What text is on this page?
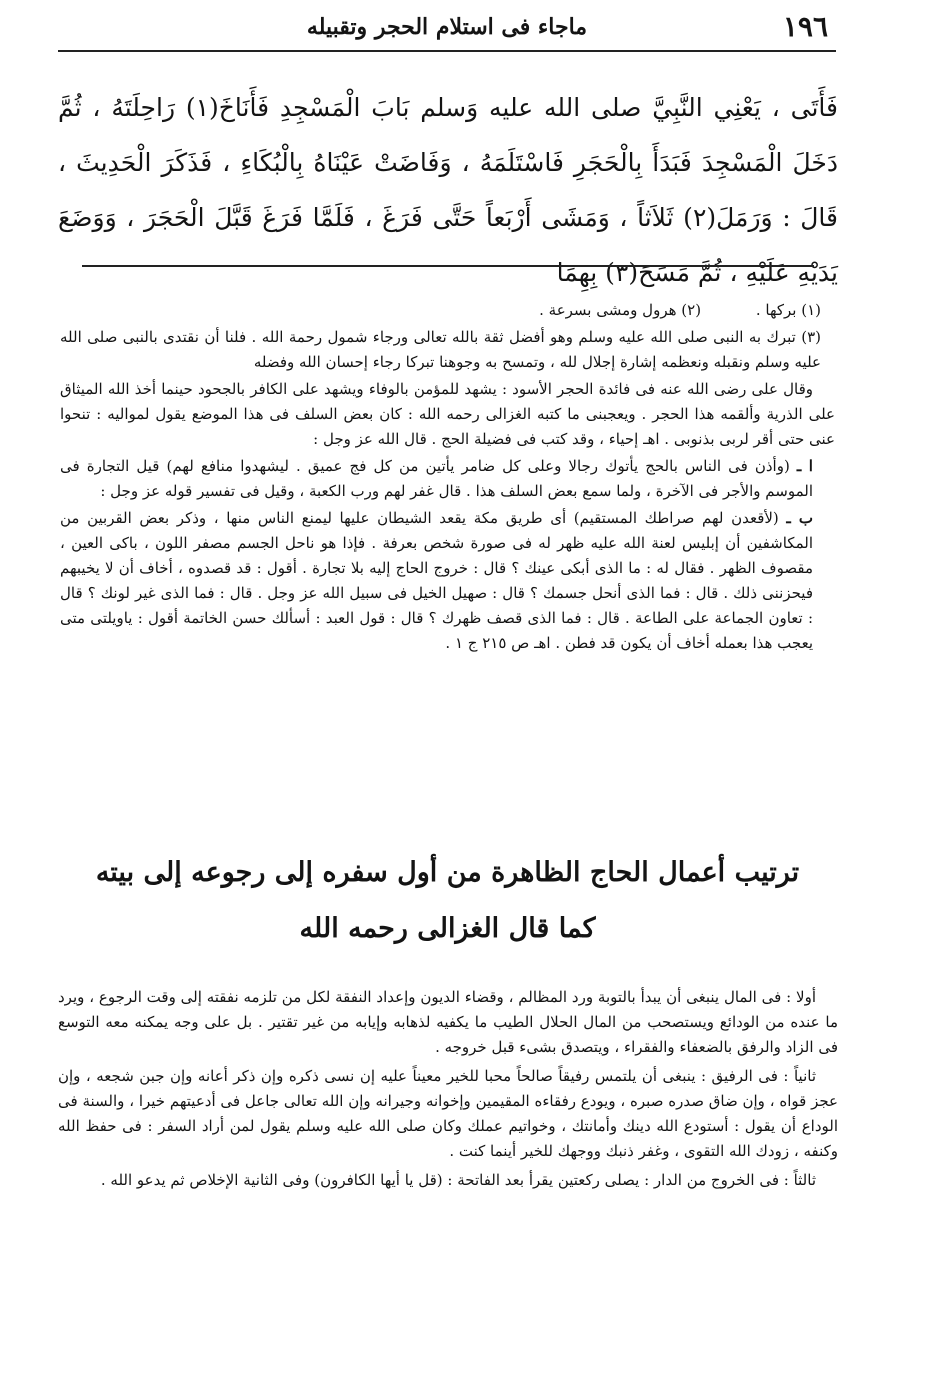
١٩٦
ماجاء فى استلام الحجر وتقبيله
فَأَتَى ، يَعْنِي النَّبِيَّ صلى الله عليه وَسلم بَابَ الْمَسْجِدِ فَأَنَاخَ(١) رَاحِلَتَهُ ، ثُمَّ دَخَلَ الْمَسْجِدَ فَبَدَأَ بِالْحَجَرِ فَاسْتَلَمَهُ ، وَفَاضَتْ عَيْنَاهُ بِالْبُكَاءِ ، فَذَكَرَ الْحَدِيثَ ، قَالَ : وَرَمَلَ(٢) ثَلاَثاً ، وَمَشَى أَرْبَعاً حَتَّى فَرَغَ ، فَلَمَّا فَرَغَ قَبَّلَ الْحَجَرَ ، وَوَضَعَ يَدَيْهِ عَلَيْهِ ، ثُمَّ مَسَحَ(٣) بِهِمَا

(١) بركها . (٢) هرول ومشى بسرعة .

(٣) تبرك به النبى صلى الله عليه وسلم وهو أفضل ثقة بالله تعالى ورجاء شمول رحمة الله . فلنا أن نقتدى بالنبى صلى الله عليه وسلم ونقبله ونعظمه إشارة إجلال لله ، وتمسح به وجوهنا تبركا رجاء إحسان الله وفضله

وقال على رضى الله عنه فى فائدة الحجر الأسود : يشهد للمؤمن بالوفاء ويشهد على الكافر بالجحود حينما أخذ الله الميثاق على الذرية وألقمه هذا الحجر . ويعجبنى ما كتبه الغزالى رحمه الله : كان بعض السلف فى هذا الموضع يقول لمواليه : تنحوا عنى حتى أقر لربى بذنوبى . اهـ إحياء ، وقد كتب فى فضيلة الحج . قال الله عز وجل :

ا ـ (وأذن فى الناس بالحج يأتوك رجالا وعلى كل ضامر يأتين من كل فج عميق . ليشهدوا منافع لهم) قيل التجارة فى الموسم والأجر فى الآخرة ، ولما سمع بعض السلف هذا . قال غفر لهم ورب الكعبة ، وقيل فى تفسير قوله عز وجل :

ب ـ (لأقعدن لهم صراطك المستقيم) أى طريق مكة يقعد الشيطان عليها ليمنع الناس منها ، وذكر بعض القربين من المكاشفين أن إبليس لعنة الله عليه ظهر له فى صورة شخص بعرفة . فإذا هو ناحل الجسم مصفر اللون ، باكى العين ، مقصوف الظهر . فقال له : ما الذى أبكى عينك ؟ قال : خروج الحاج إليه بلا تجارة . أقول : قد قصدوه ، أخاف أن لا يخيبهم فيحزننى ذلك . قال : فما الذى أنحل جسمك ؟ قال : صهيل الخيل فى سبيل الله عز وجل . قال : فما الذى غير لونك ؟ قال : تعاون الجماعة على الطاعة . قال : فما الذى قصف ظهرك ؟ قال : قول العبد : أسألك حسن الخاتمة أقول : ياويلتى متى يعجب هذا بعمله أخاف أن يكون قد فطن . اهـ ص ٢١٥ ج ١ .

ترتيب أعمال الحاج الظاهرة من أول سفره إلى رجوعه إلى بيته
كما قال الغزالى رحمه الله

أولا : فى المال ينبغى أن يبدأ بالتوبة ورد المظالم ، وقضاء الديون وإعداد النفقة لكل من تلزمه نفقته إلى وقت الرجوع ، ويرد ما عنده من الودائع ويستصحب من المال الحلال الطيب ما يكفيه لذهابه وإيابه من غير تقتير . بل على وجه يمكنه معه التوسع فى الزاد والرفق بالضعفاء والفقراء ، ويتصدق بشىء قبل خروجه .

ثانياً : فى الرفيق : ينبغى أن يلتمس رفيقاً صالحاً محبا للخير معيناً عليه إن نسى ذكره وإن ذكر أعانه وإن جبن شجعه ، وإن عجز قواه ، وإن ضاق صدره صبره ، ويودع رفقاءه المقيمين وإخوانه وجيرانه وإن الله تعالى جاعل فى أدعيتهم خيرا ، والسنة فى الوداع أن يقول : أستودع الله دينك وأمانتك ، وخواتيم عملك وكان صلى الله عليه وسلم يقول لمن أراد السفر : فى حفظ الله وكنفه ، زودك الله التقوى ، وغفر ذنبك ووجهك للخير أينما كنت .

ثالثاً : فى الخروج من الدار : يصلى ركعتين يقرأ بعد الفاتحة : (قل يا أيها الكافرون) وفى الثانية الإخلاص ثم يدعو الله .
